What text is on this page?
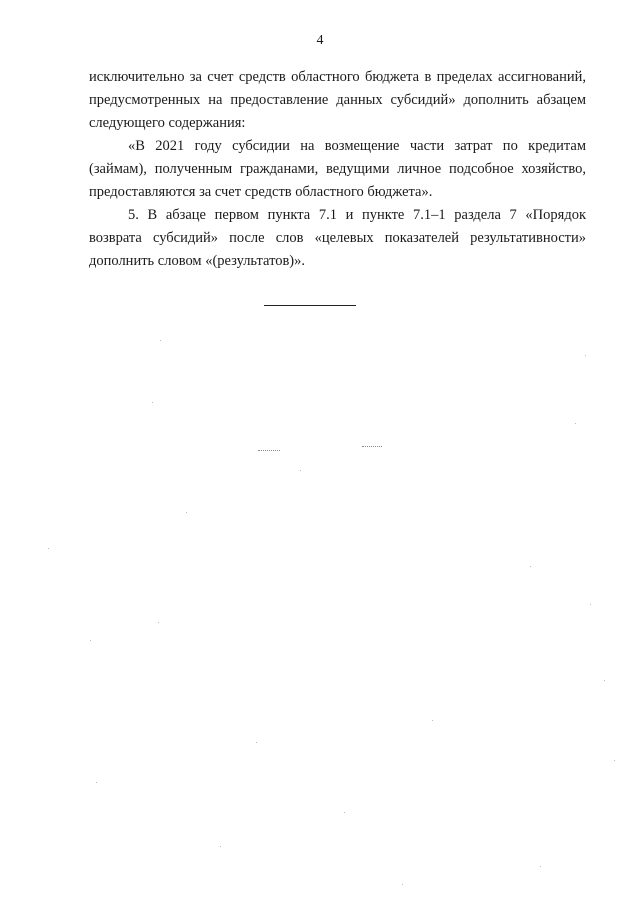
4

исключительно за счет средств областного бюджета в пределах ассигнований, предусмотренных на предоставление данных субсидий» дополнить абзацем следующего содержания:

«В 2021 году субсидии на возмещение части затрат по кредитам (займам), полученным гражданами, ведущими личное подсобное хозяйство, предоставляются за счет средств областного бюджета».

5. В абзаце первом пункта 7.1 и пункте 7.1–1 раздела 7 «Порядок возврата субсидий» после слов «целевых показателей результативности» дополнить словом «(результатов)».
